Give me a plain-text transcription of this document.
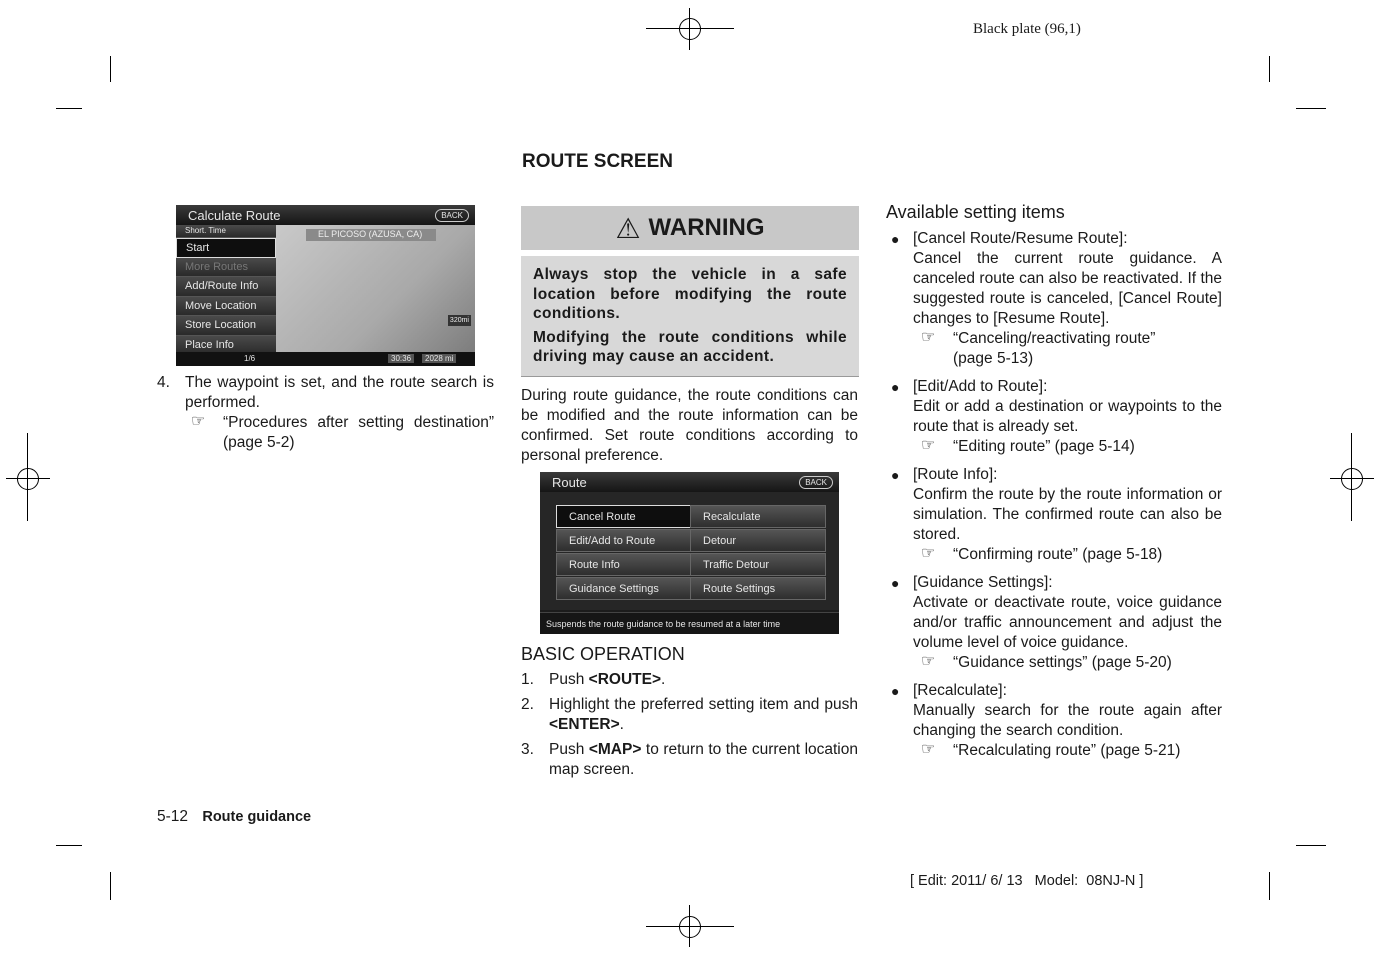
Black plate (96,1)
ROUTE SCREEN
Calculate Route	BACK
EL PICOSO (AZUSA, CA)
320mi
Short. Time
Start
More Routes
Add/Route Info
Move Location
Store Location
Place Info
1/6	30:36	2028 mi
4. The waypoint is set, and the route search is performed.
☞	“Procedures after setting destination” (page 5-2)
⚠ WARNING

Always stop the vehicle in a safe location before modifying the route conditions.

Modifying the route conditions while driving may cause an accident.

During route guidance, the route conditions can be modified and the route information can be confirmed. Set route conditions according to personal preference.
Route	BACK
Cancel Route
Edit/Add to Route
Route Info
Guidance Settings
Recalculate
Detour
Traffic Detour
Route Settings
Suspends the route guidance to be resumed at a later time
BASIC OPERATION
1. Push <ROUTE>.
2. Highlight the preferred setting item and push <ENTER>.
3. Push <MAP> to return to the current location map screen.
Available setting items
● [Cancel Route/Resume Route]:
Cancel the current route guidance. A canceled route can also be reactivated. If the suggested route is canceled, [Cancel Route] changes to [Resume Route].
☞	“Canceling/reactivating route” (page 5-13)
● [Edit/Add to Route]:
Edit or add a destination or waypoints to the route that is already set.
☞	“Editing route” (page 5-14)
● [Route Info]:
Confirm the route by the route information or simulation. The confirmed route can also be stored.
☞	“Confirming route” (page 5-18)
● [Guidance Settings]:
Activate or deactivate route, voice guidance and/or traffic announcement and adjust the volume level of voice guidance.
☞	“Guidance settings” (page 5-20)
● [Recalculate]:
Manually search for the route again after changing the search condition.
☞	“Recalculating route” (page 5-21)
5-12 Route guidance
[ Edit: 2011/ 6/ 13   Model:  08NJ-N ]
